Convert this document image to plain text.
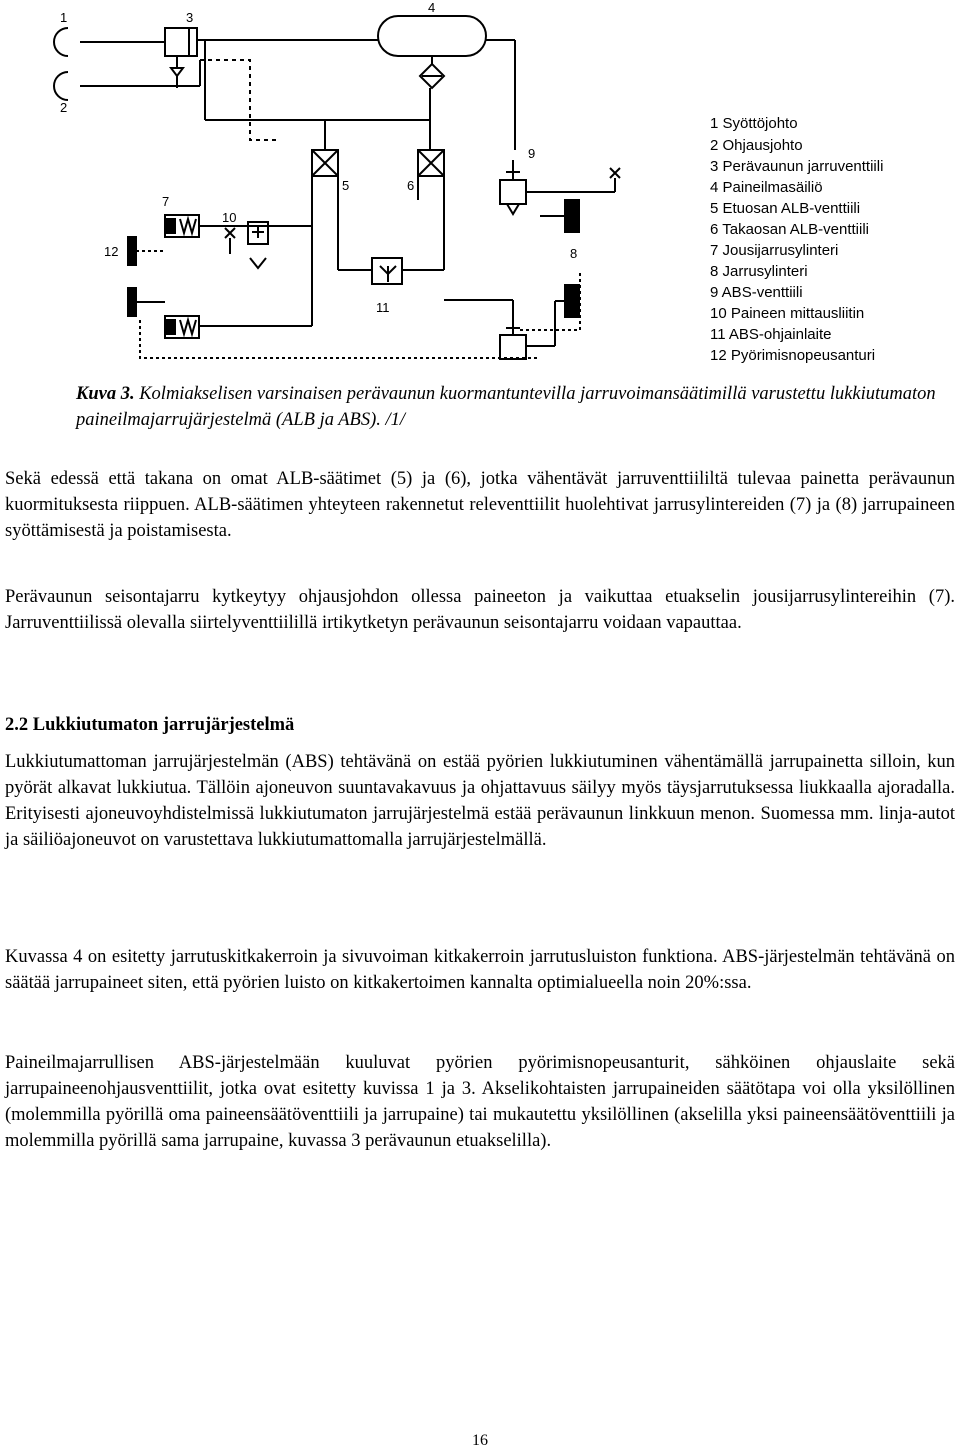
1
2
3
4
5	6
7
8
9
10
11
12
1 Syöttöjohto
2 Ohjausjohto
3 Perävaunun jarruventtiili
4 Paineilmasäiliö
5 Etuosan ALB-venttiili
6 Takaosan ALB-venttiili
7 Jousijarrusylinteri
8 Jarrusylinteri
9 ABS-venttiili
10 Paineen mittausliitin
11 ABS-ohjainlaite
12 Pyörimisnopeusanturi
Kuva 3. Kolmiakselisen varsinaisen perävaunun kuormantuntevilla jarruvoimansäätimillä varustettu lukkiutumaton paineilmajarrujärjestelmä (ALB ja ABS). /1/

Sekä edessä että takana on omat ALB-säätimet (5) ja (6), jotka vähentävät jarruventtiililtä tulevaa painetta perävaunun kuormituksesta riippuen. ALB-säätimen yhteyteen rakennetut releventtiilit huolehtivat jarrusylintereiden (7) ja (8) jarrupaineen syöttämisestä ja poistamisesta.

Perävaunun seisontajarru kytkeytyy ohjausjohdon ollessa paineeton ja vaikuttaa etuakselin jousijarrusylintereihin (7). Jarruventtiilissä olevalla siirtelyventtiilillä irtikytketyn perävaunun seisontajarru voidaan vapauttaa.

2.2 Lukkiutumaton jarrujärjestelmä

Lukkiutumattoman jarrujärjestelmän (ABS) tehtävänä on estää pyörien lukkiutuminen vähentämällä jarrupainetta silloin, kun pyörät alkavat lukkiutua. Tällöin ajoneuvon suuntavakavuus ja ohjattavuus säilyy myös täysjarrutuksessa liukkaalla ajoradalla. Erityisesti ajoneuvoyhdistelmissä lukkiutumaton jarrujärjestelmä estää perävaunun linkkuun menon. Suomessa mm. linja-autot ja säiliöajoneuvot on varustettava lukkiutumattomalla jarrujärjestelmällä.

Kuvassa 4 on esitetty jarrutuskitkakerroin ja sivuvoiman kitkakerroin jarrutusluiston funktiona. ABS-järjestelmän tehtävänä on säätää jarrupaineet siten, että pyörien luisto on kitkakertoimen kannalta optimialueella noin 20%:ssa.

Paineilmajarrullisen ABS-järjestelmään kuuluvat pyörien pyörimisnopeusanturit, sähköinen ohjauslaite sekä jarrupaineenohjausventtiilit, jotka ovat esitetty kuvissa 1 ja 3. Akselikohtaisten jarrupaineiden säätötapa voi olla yksilöllinen (molemmilla pyörillä oma paineensäätöventtiili ja jarrupaine) tai mukautettu yksilöllinen (akselilla yksi paineensäätöventtiili ja molemmilla pyörillä sama jarrupaine, kuvassa 3 perävaunun etuakselilla).

16
